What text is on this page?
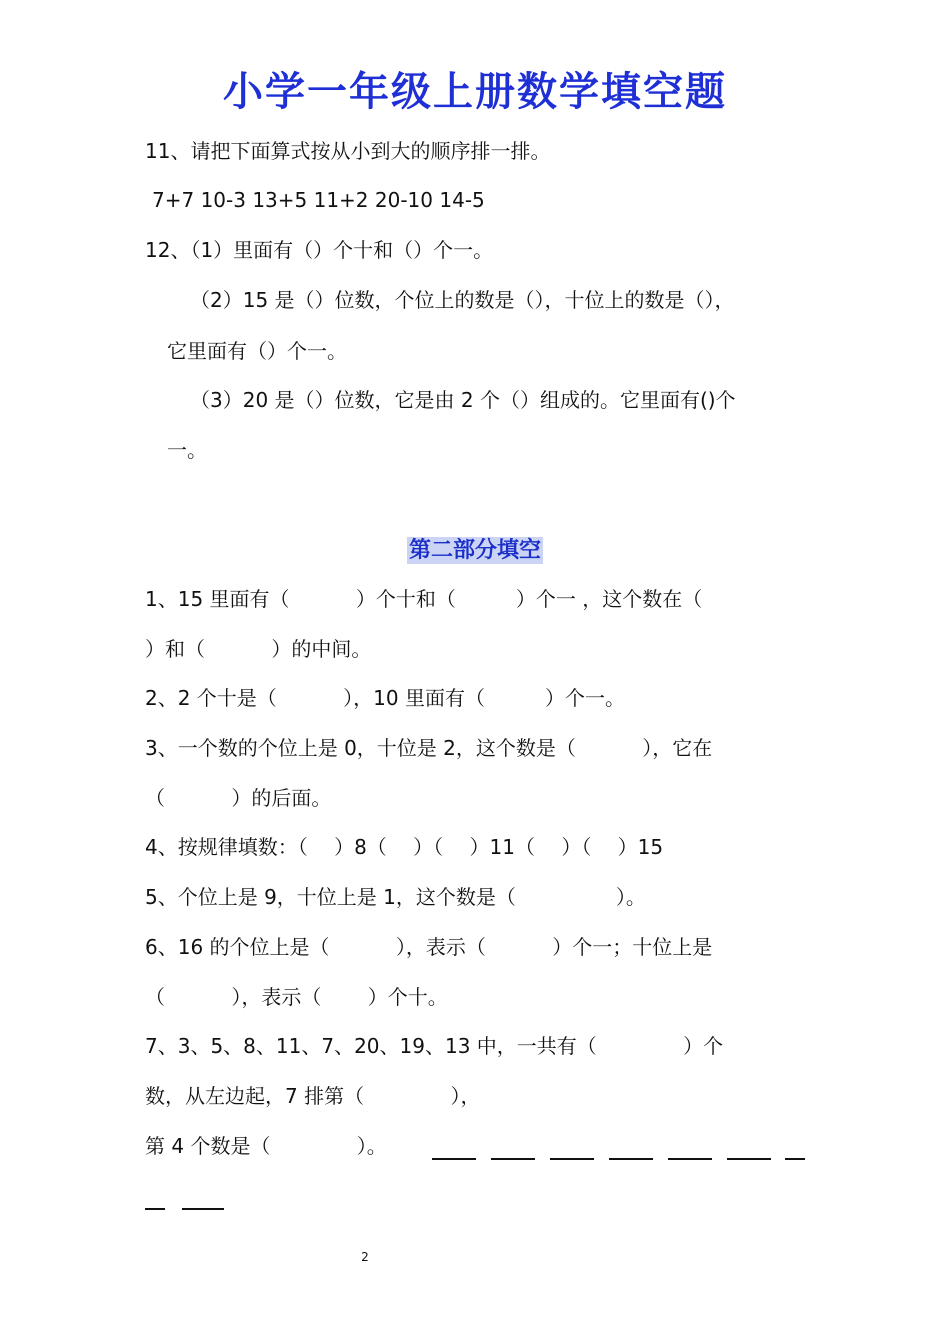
小学一年级上册数学填空题
11、请把下面算式按从小到大的顺序排一排。
7+7 10-3 13+5 11+2 20-10 14-5
12、（1）里面有（）个十和（）个一。
（2）15 是（）位数，个位上的数是（），十位上的数是（），
它里面有（）个一。
（3）20 是（）位数，它是由 2 个（）组成的。它里面有()个
一。
第二部分填空
1、15 里面有（　　　 ）个十和（　　　）个一 ，这个数在（
）和（　　　 ）的中间。
2、2 个十是（　　　 ），10 里面有（　　　）个一。
3、一个数的个位上是 0，十位是 2，这个数是（　　　 ），它在
（　　　 ）的后面。
4、按规律填数：（　 ）8（　 ）（　 ）11（　 ）（　 ）15
5、个位上是 9，十位上是 1，这个数是（　　　　　）。
6、16 的个位上是（　　　 ），表示（　　　 ）个一；十位上是
（　　　 ），表示（　　 ）个十。
7、3、5、8、11、7、20、19、13 中，一共有（　　　　 ）个
数，从左边起，7 排第（　　　　 ），
第 4 个数是（　　　　 ）。
2
